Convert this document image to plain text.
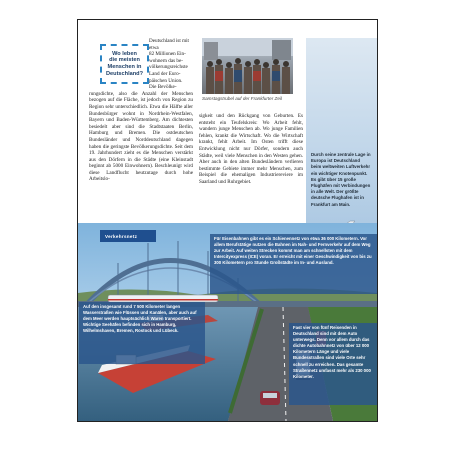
Deutschland ist mit etwa
82 Millionen Ein-
wohnern das be-
völkerungsreichste
Land der Euro-
päischen Union.
Die Bevölke-
rungsdichte, also die Anzahl der Menschen bezogen auf die Fläche, ist jedoch von Region zu Region sehr unterschiedlich. Etwa die Hälfte aller Bundesbürger wohnt in Nordrhein-Westfalen, Bayern und Baden-Württemberg. Am dichtesten besiedelt aber sind die Stadtstaaten Berlin, Hamburg und Bremen. Die ostdeutschen Bundesländer und Norddeutschland dagegen haben die geringste Bevölkerungsdichte. Seit dem 19. Jahrhundert zieht es die Menschen verstärkt aus den Dörfern in die Städte (eine Kleinstadt beginnt ab 5000 Einwohnern). Beschleunigt wird diese Landflucht heutzutage durch hohe Arbeitslo-
Wo leben
die meisten
Menschen in
Deutschland?
Samstagstrubel auf der Frankfurter Zeil
sigkeit und den Rückgang von Geburten. Es entsteht ein Teufelskreis: Wo Arbeit fehlt, wandern junge Menschen ab. Wo junge Familien fehlen, krankt die Wirtschaft. Wo die Wirtschaft krankt, fehlt Arbeit. Im Osten trifft diese Entwicklung nicht nur Dörfer, sondern auch Städte, weil viele Menschen in den Westen gehen. Aber auch in den alten Bundesländern verlieren bestimmte Gebiete immer mehr Menschen, zum Beispiel die ehemaligen Industriereviere im Saarland und Ruhrgebiet.
Durch seine zentrale Lage in Europa ist Deutschland beim weltweiten Luftverkehr ein wichtiger Knotenpunkt. Es gibt über 15 große Flughäfen mit Verbindungen in alle Welt. Der größte deutsche Flughafen ist in Frankfurt am Main.
Verkehrsnetz	Für Eisenbahnen gibt es ein Schienennetz von etwa 36 000 Kilometern. Vor allem Berufstätige nutzen die Bahnen im Nah- und Fernverkehr auf dem Weg zur Arbeit. Auf weiten Strecken kommt man am schnellsten mit dem Intercityexpress (ICE) voran. Er erreicht mit einer Geschwindigkeit von bis zu 300 Kilometern pro Stunde Großstädte im In- und Ausland.
Auf den insgesamt rund 7 500 Kilometer langen Wasserstraßen wie Flüssen und Kanälen, aber auch auf dem Meer werden hauptsächlich Waren transportiert. Wichtige Seehäfen befinden sich in Hamburg, Wilhelmshaven, Bremen, Rostock und Lübeck.
Fast vier von fünf Reisenden in Deutschland sind mit dem Auto unterwegs. Denn vor allem durch das dichte Autobahnnetz von über 12 000 Kilometern Länge und viele Bundesstraßen sind viele Orte sehr schnell zu erreichen. Das gesamte Straßennetz umfasst mehr als 230 000 Kilometer.
